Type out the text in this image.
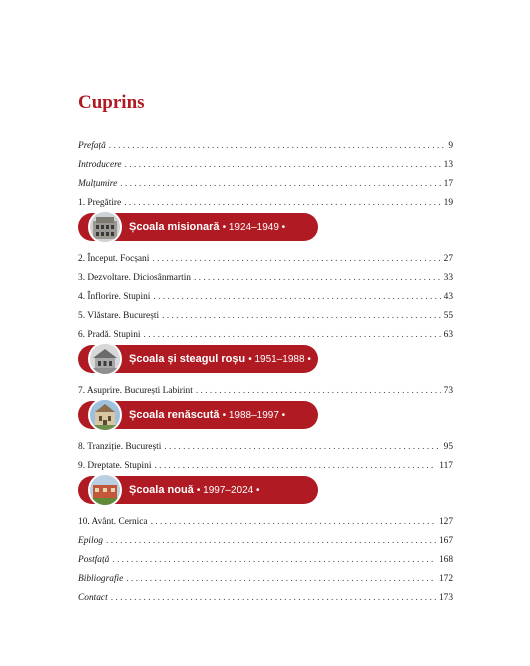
Cuprins
Prefață . . .	9
Introducere . . .	13
Mulțumire . . .	17
1. Pregătire . . .	19
Școala misionară • 1924–1949 •
2. Început. Focșani . . .	27
3. Dezvoltare. Diciosânmartin . . .	33
4. Înflorire. Stupini . . .	43
5. Vlăstare. București . . .	55
6. Pradă. Stupini . . .	63
Școala și steagul roșu • 1951–1988 •
7. Asuprire. București Labirint . . .	73
Școala renăscută • 1988–1997 •
8. Tranziție. București . . .	95
9. Dreptate. Stupini . . .	117
Școala nouă • 1997–2024 •
10. Avânt. Cernica . . .	127
Epilog . . .	167
Postfață . . .	168
Bibliografie . . .	172
Contact . . .	173
